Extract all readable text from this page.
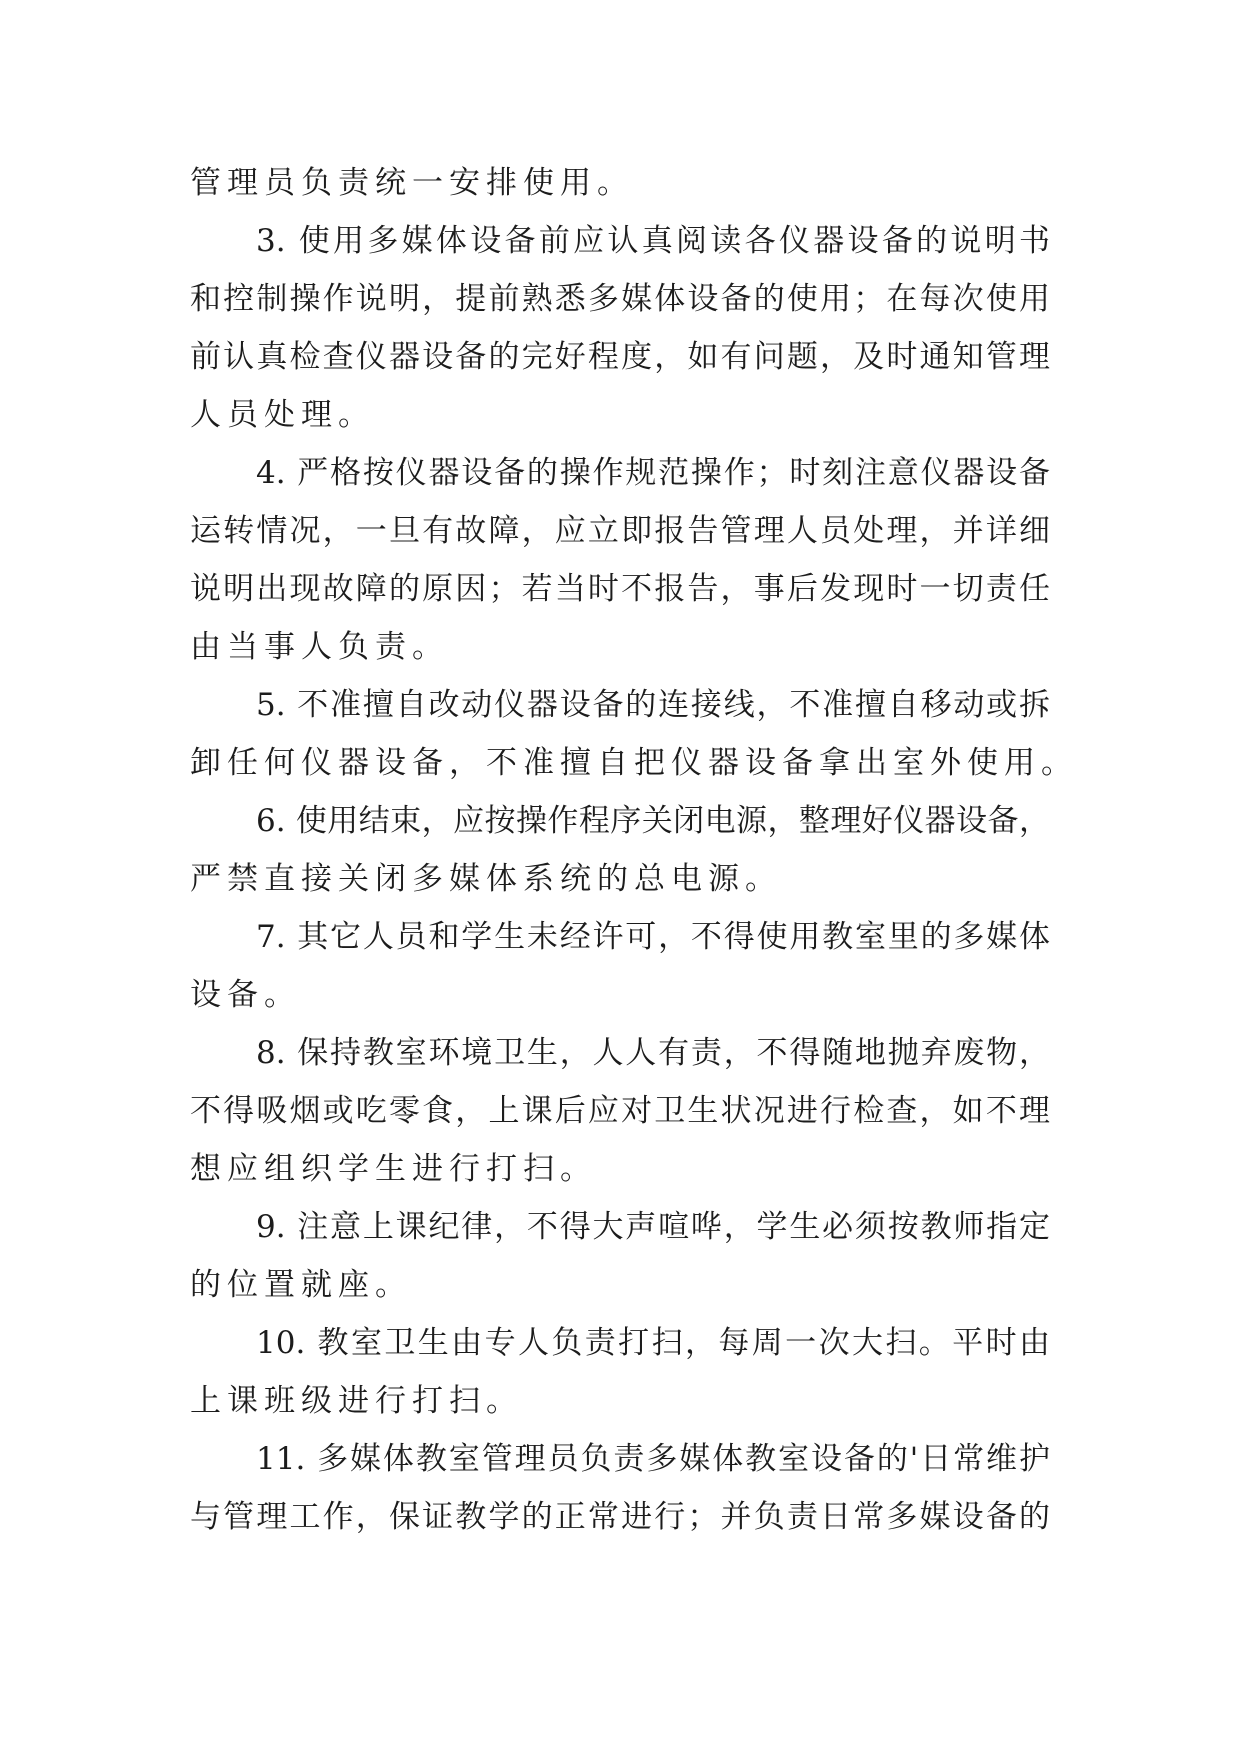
管理员负责统一安排使用。
3. 使用多媒体设备前应认真阅读各仪器设备的说明书
和控制操作说明，提前熟悉多媒体设备的使用；在每次使用
前认真检查仪器设备的完好程度，如有问题，及时通知管理
人员处理。
4. 严格按仪器设备的操作规范操作；时刻注意仪器设备
运转情况，一旦有故障，应立即报告管理人员处理，并详细
说明出现故障的原因；若当时不报告，事后发现时一切责任
由当事人负责。
5. 不准擅自改动仪器设备的连接线，不准擅自移动或拆
卸任何仪器设备，不准擅自把仪器设备拿出室外使用。
6. 使用结束，应按操作程序关闭电源，整理好仪器设备，
严禁直接关闭多媒体系统的总电源。
7. 其它人员和学生未经许可，不得使用教室里的多媒体
设备。
8. 保持教室环境卫生，人人有责，不得随地抛弃废物，
不得吸烟或吃零食，上课后应对卫生状况进行检查，如不理
想应组织学生进行打扫。
9. 注意上课纪律，不得大声喧哗，学生必须按教师指定
的位置就座。
10. 教室卫生由专人负责打扫，每周一次大扫。平时由
上课班级进行打扫。
11. 多媒体教室管理员负责多媒体教室设备的'日常维护
与管理工作，保证教学的正常进行；并负责日常多媒设备的
